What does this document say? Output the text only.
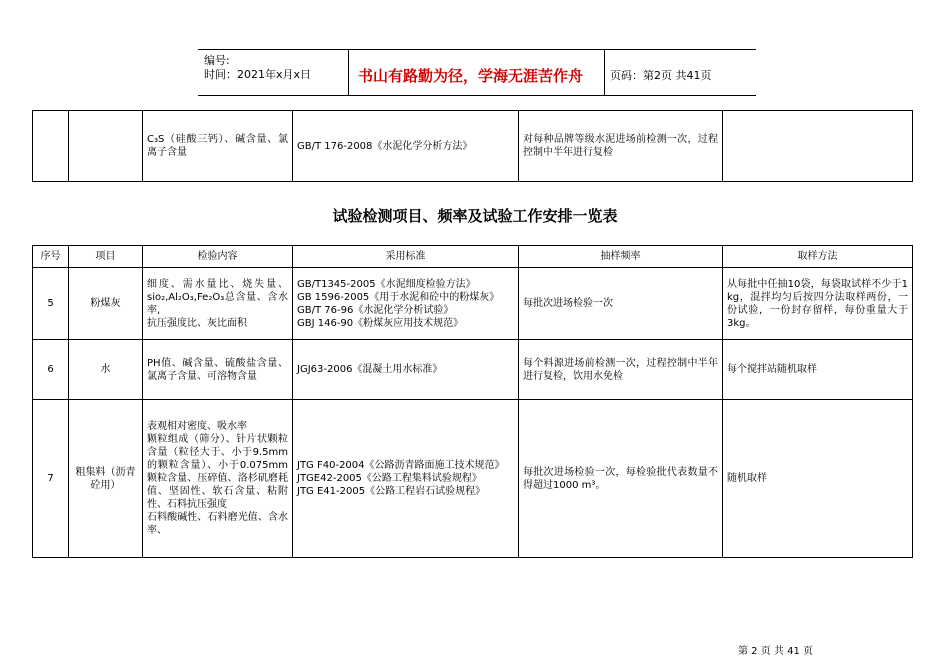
编号:
时间：2021年x月x日	书山有路勤为径，学海无涯苦作舟 页码：第2页 共41页
		C₃S（硅酸三钙）、碱含量、氯离子含量	GB/T 176-2008《水泥化学分析方法》	对每种品牌等级水泥进场前检测一次，过程控制中半年进行复检	
试验检测项目、频率及试验工作安排一览表
序号	项目	检验内容	采用标准	抽样频率	取样方法
5	粉煤灰	细度、需水量比、烧失量、sio₂,Al₂O₃,Fe₂O₃总含量、含水率,
抗压强度比、灰比面积	GB/T1345-2005《水泥细度检验方法》
GB 1596-2005《用于水泥和砼中的粉煤灰》
GB/T 76-96《水泥化学分析试验》
GBJ 146-90《粉煤灰应用技术规范》	每批次进场检验一次	从每批中任抽10袋，每袋取试样不少于1 kg，混拌均匀后按四分法取样两份，一份试验，一份封存留样，每份重量大于3kg。
6	水	PH值、碱含量、硫酸盐含量、氯离子含量、可溶物含量	JGJ63-2006《混凝土用水标准》	每个料源进场前检测一次，过程控制中半年进行复检，饮用水免检	每个搅拌站随机取样
7	粗集料（沥青砼用）	表观相对密度、吸水率
颗粒组成（筛分）、针片状颗粒含量（粒径大于、小于9.5mm的颗粒含量）、小于0.075mm颗粒含量、压碎值、洛杉矶磨耗值、坚固性、软石含量、粘附性、石料抗压强度
石料酸碱性、石料磨光值、含水率、	JTG F40-2004《公路沥青路面施工技术规范》
JTGE42-2005《公路工程集料试验规程》
JTG E41-2005《公路工程岩石试验规程》	每批次进场检验一次，每检验批代表数量不得超过1000 m³。	随机取样
第 2 页 共 41 页
